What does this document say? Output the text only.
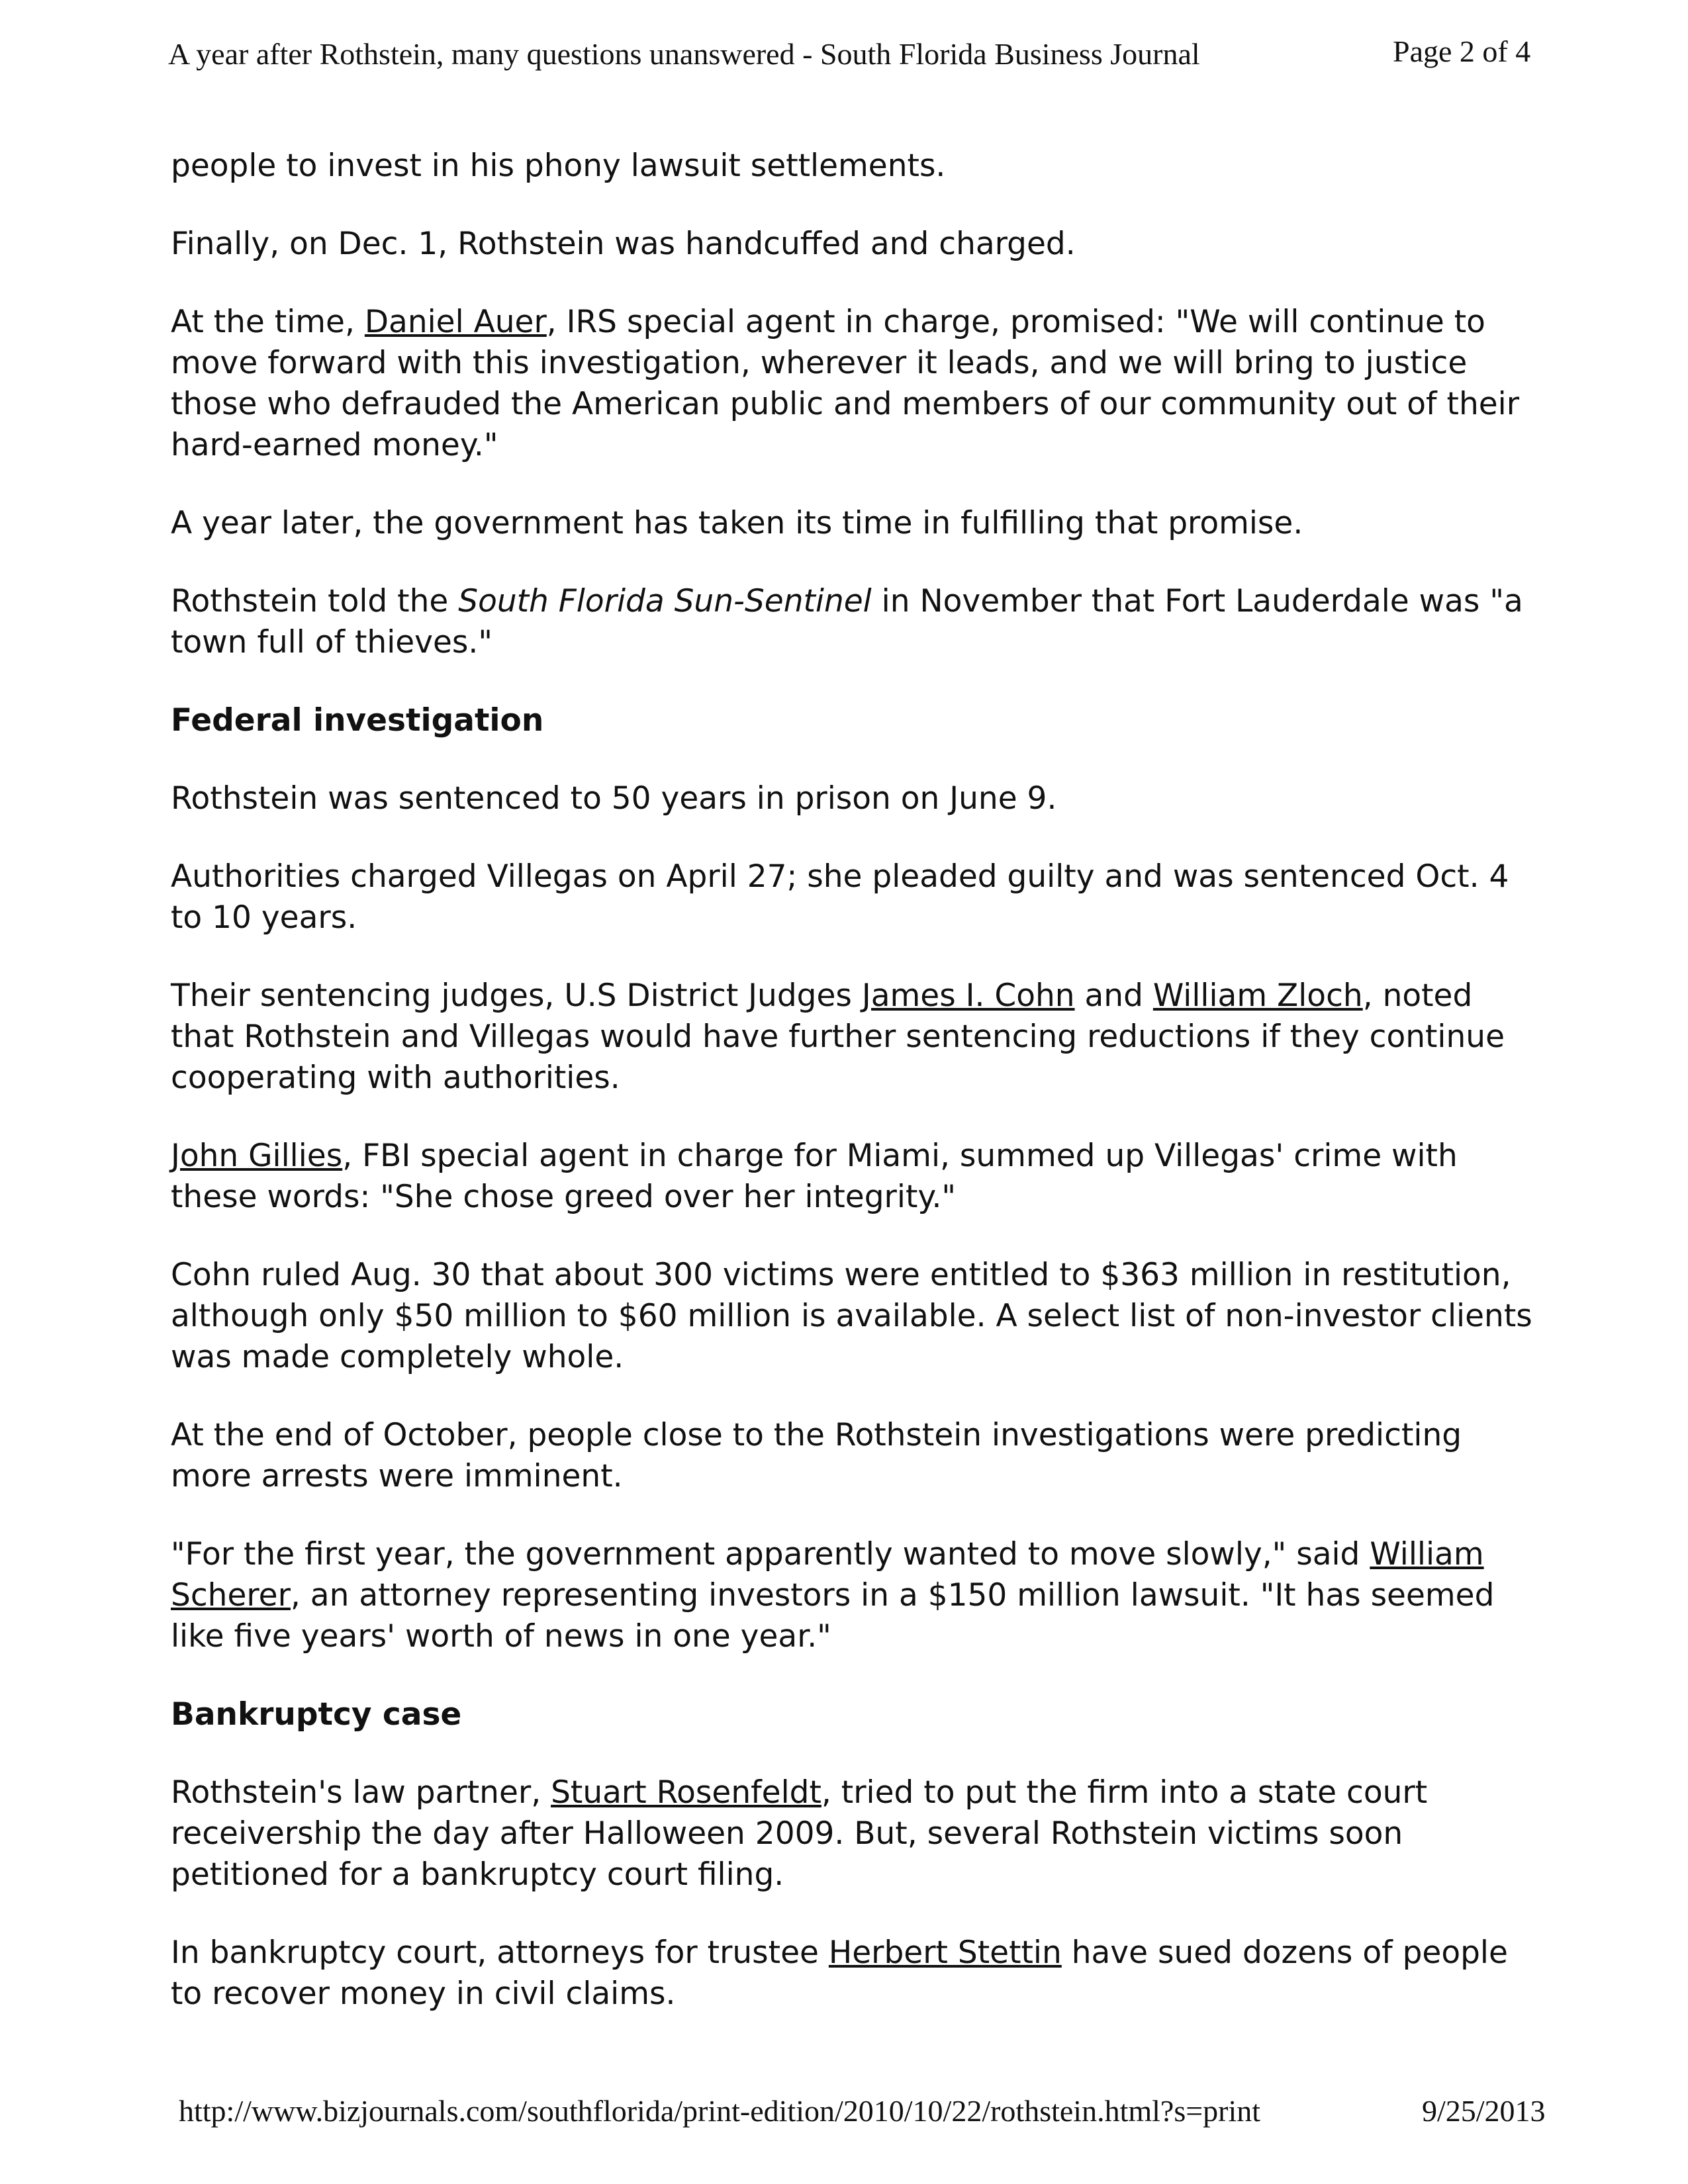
A year after Rothstein, many questions unanswered - South Florida Business Journal	Page 2 of 4

people to invest in his phony lawsuit settlements.

Finally, on Dec. 1, Rothstein was handcuffed and charged.

At the time, Daniel Auer, IRS special agent in charge, promised: "We will continue to move forward with this investigation, wherever it leads, and we will bring to justice those who defrauded the American public and members of our community out of their hard-earned money."

A year later, the government has taken its time in fulfilling that promise.

Rothstein told the South Florida Sun-Sentinel in November that Fort Lauderdale was "a town full of thieves."

Federal investigation

Rothstein was sentenced to 50 years in prison on June 9.

Authorities charged Villegas on April 27; she pleaded guilty and was sentenced Oct. 4 to 10 years.

Their sentencing judges, U.S District Judges James I. Cohn and William Zloch, noted that Rothstein and Villegas would have further sentencing reductions if they continue cooperating with authorities.

John Gillies, FBI special agent in charge for Miami, summed up Villegas' crime with these words: "She chose greed over her integrity."

Cohn ruled Aug. 30 that about 300 victims were entitled to $363 million in restitution, although only $50 million to $60 million is available. A select list of non-investor clients was made completely whole.

At the end of October, people close to the Rothstein investigations were predicting more arrests were imminent.

"For the first year, the government apparently wanted to move slowly," said William Scherer, an attorney representing investors in a $150 million lawsuit. "It has seemed like five years' worth of news in one year."

Bankruptcy case

Rothstein's law partner, Stuart Rosenfeldt, tried to put the firm into a state court receivership the day after Halloween 2009. But, several Rothstein victims soon petitioned for a bankruptcy court filing.

In bankruptcy court, attorneys for trustee Herbert Stettin have sued dozens of people to recover money in civil claims.

http://www.bizjournals.com/southflorida/print-edition/2010/10/22/rothstein.html?s=print	9/25/2013
